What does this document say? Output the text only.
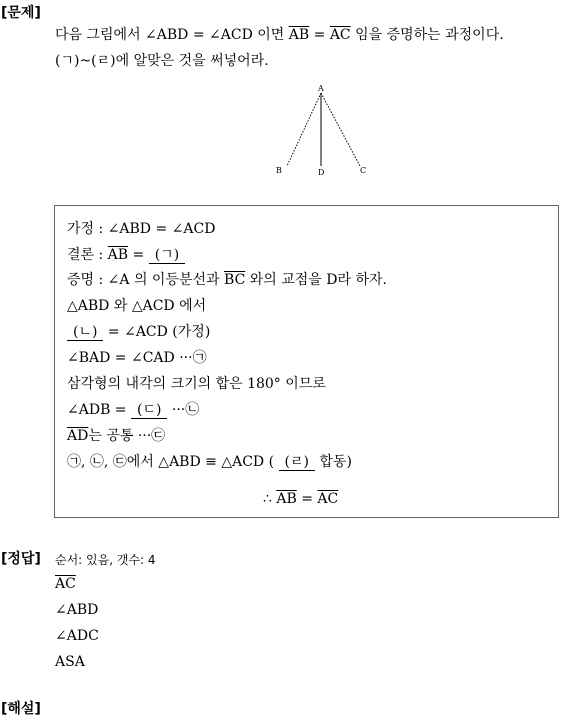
[문제]
다음 그림에서 ∠ABD = ∠ACD 이면 $\overline{AB} = \overline{AC}$ 임을 증명하는 과정이다.
(ㄱ)~(ㄹ)에 알맞은 것을 써넣어라.
A
B	D	C
가정 : ∠ABD = ∠ACD
결론 : $\overline{AB}$ = (ㄱ)
증명 : ∠A 의 이등분선과 $\overline{BC}$ 와의 교점을 D라 하자.
△ABD 와 △ACD 에서
(ㄴ) = ∠ACD (가정)
∠BAD = ∠CAD ···㉠
삼각형의 내각의 크기의 합은 180° 이므로
∠ADB = (ㄷ) ···㉡
$\overline{AD}$는 공통 ···㉢
㉠, ㉡, ㉢에서 △ABD ≡ △ACD ( (ㄹ) 합동)
∴ $\overline{AB} = \overline{AC}$
[정답] 순서: 있음, 갯수: 4
$\overline{AC}$
∠ABD
∠ADC
ASA
[해설]
